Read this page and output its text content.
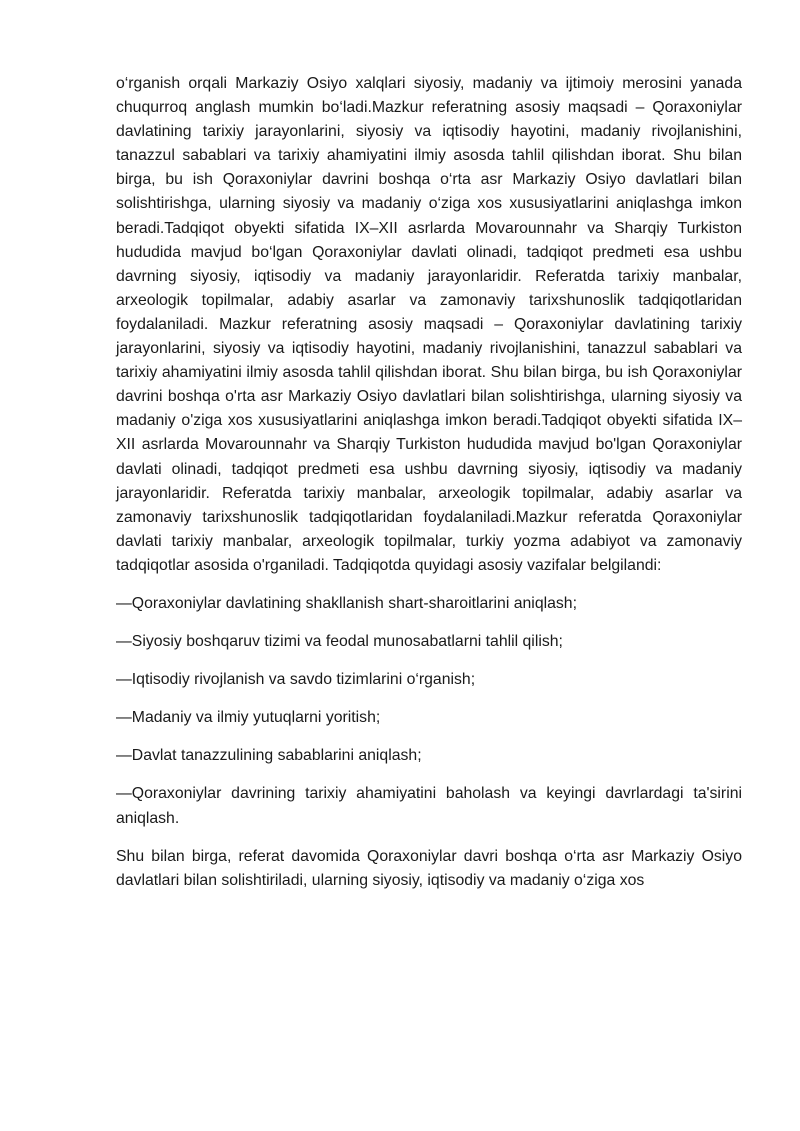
o‘rganish orqali Markaziy Osiyo xalqlari siyosiy, madaniy va ijtimoiy merosini yanada chuqurroq anglash mumkin bo‘ladi.Mazkur referatning asosiy maqsadi – Qoraxoniylar davlatining tarixiy jarayonlarini, siyosiy va iqtisodiy hayotini, madaniy rivojlanishini, tanazzul sabablari va tarixiy ahamiyatini ilmiy asosda tahlil qilishdan iborat. Shu bilan birga, bu ish Qoraxoniylar davrini boshqa o‘rta asr Markaziy Osiyo davlatlari bilan solishtirishga, ularning siyosiy va madaniy o‘ziga xos xususiyatlarini aniqlashga imkon beradi.Tadqiqot obyekti sifatida IX–XII asrlarda Movarounnahr va Sharqiy Turkiston hududida mavjud bo‘lgan Qoraxoniylar davlati olinadi, tadqiqot predmeti esa ushbu davrning siyosiy, iqtisodiy va madaniy jarayonlaridir. Referatda tarixiy manbalar, arxeologik topilmalar, adabiy asarlar va zamonaviy tarixshunoslik tadqiqotlaridan foydalaniladi. Mazkur referatning asosiy maqsadi – Qoraxoniylar davlatining tarixiy jarayonlarini, siyosiy va iqtisodiy hayotini, madaniy rivojlanishini, tanazzul sabablari va tarixiy ahamiyatini ilmiy asosda tahlil qilishdan iborat. Shu bilan birga, bu ish Qoraxoniylar davrini boshqa o'rta asr Markaziy Osiyo davlatlari bilan solishtirishga, ularning siyosiy va madaniy o'ziga xos xususiyatlarini aniqlashga imkon beradi.Tadqiqot obyekti sifatida IX–XII asrlarda Movarounnahr va Sharqiy Turkiston hududida mavjud bo'lgan Qoraxoniylar davlati olinadi, tadqiqot predmeti esa ushbu davrning siyosiy, iqtisodiy va madaniy jarayonlaridir. Referatda tarixiy manbalar, arxeologik topilmalar, adabiy asarlar va zamonaviy tarixshunoslik tadqiqotlaridan foydalaniladi.Mazkur referatda Qoraxoniylar davlati tarixiy manbalar, arxeologik topilmalar, turkiy yozma adabiyot va zamonaviy tadqiqotlar asosida o'rganiladi. Tadqiqotda quyidagi asosiy vazifalar belgilandi:

—Qoraxoniylar davlatining shakllanish shart-sharoitlarini aniqlash;

—Siyosiy boshqaruv tizimi va feodal munosabatlarni tahlil qilish;

—Iqtisodiy rivojlanish va savdo tizimlarini o‘rganish;

—Madaniy va ilmiy yutuqlarni yoritish;

—Davlat tanazzulining sabablarini aniqlash;

—Qoraxoniylar davrining tarixiy ahamiyatini baholash va keyingi davrlardagi ta'sirini aniqlash.

Shu bilan birga, referat davomida Qoraxoniylar davri boshqa o‘rta asr Markaziy Osiyo davlatlari bilan solishtiriladi, ularning siyosiy, iqtisodiy va madaniy o‘ziga xos
